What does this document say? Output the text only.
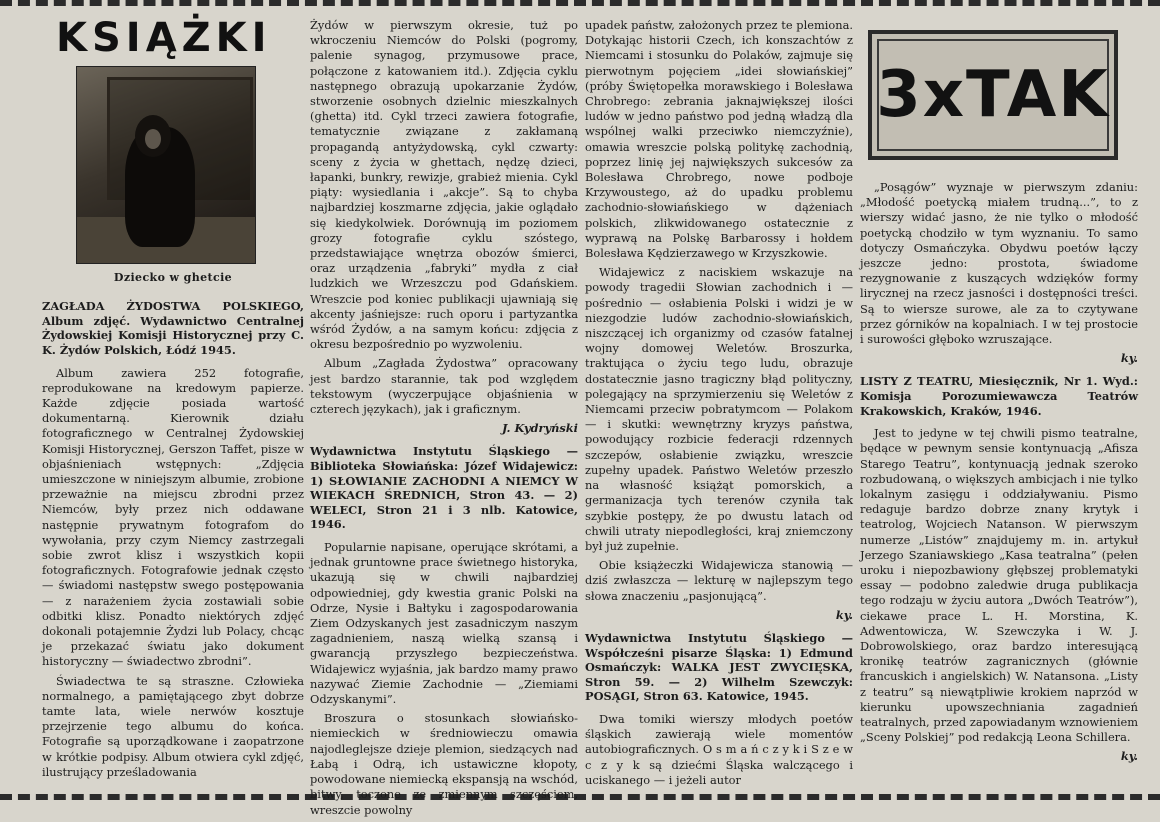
KSIĄŻKI
Dziecko w ghetcie
ZAGŁADA ŻYDOSTWA POLSKIEGO, Album zdjęć. Wydawnictwo Centralnej Żydowskiej Komisji Historycznej przy C. K. Żydów Polskich, Łódź 1945.

Album zawiera 252 fotografie, reprodukowane na kredowym papierze. Każde zdjęcie posiada wartość dokumentarną. Kierownik działu fotograficznego w Centralnej Żydowskiej Komisji Historycznej, Gerszon Taffet, pisze w objaśnieniach wstępnych: „Zdjęcia umieszczone w niniejszym albumie, zrobione przeważnie na miejscu zbrodni przez Niemców, były przez nich oddawane następnie prywatnym fotografom do wywołania, przy czym Niemcy zastrzegali sobie zwrot klisz i wszystkich kopii fotograficznych. Fotografowie jednak często — świadomi następstw swego postępowania — z narażeniem życia zostawiali sobie odbitki klisz. Ponadto niektórych zdjęć dokonali potajemnie Żydzi lub Polacy, chcąc je przekazać światu jako dokument historyczny — świadectwo zbrodni”.

Świadectwa te są straszne. Człowieka normalnego, a pamiętającego zbyt dobrze tamte lata, wiele nerwów kosztuje przejrzenie tego albumu do końca. Fotografie są uporządkowane i zaopatrzone w krótkie podpisy. Album otwiera cykl zdjęć, ilustrujący prześladowania

Żydów w pierwszym okresie, tuż po wkroczeniu Niemców do Polski (pogromy, palenie synagog, przymusowe prace, połączone z katowaniem itd.). Zdjęcia cyklu następnego obrazują upokarzanie Żydów, stworzenie osobnych dzielnic mieszkalnych (ghetta) itd. Cykl trzeci zawiera fotografie, tematycznie związane z zakłamaną propagandą antyżydowską, cykl czwarty: sceny z życia w ghettach, nędzę dzieci, łapanki, bunkry, rewizje, grabież mienia. Cykl piąty: wysiedlania i „akcje”. Są to chyba najbardziej koszmarne zdjęcia, jakie oglądało się kiedykolwiek. Dorównują im poziomem grozy fotografie cyklu szóstego, przedstawiające wnętrza obozów śmierci, oraz urządzenia „fabryki” mydła z ciał ludzkich we Wrzeszczu pod Gdańskiem. Wreszcie pod koniec publikacji ujawniają się akcenty jaśniejsze: ruch oporu i partyzantka wśród Żydów, a na samym końcu: zdjęcia z okresu bezpośrednio po wyzwoleniu.

Album „Zagłada Żydostwa” opracowany jest bardzo starannie, tak pod względem tekstowym (wyczerpujące objaśnienia w czterech językach), jak i graficznym.

J. Kydryński
Wydawnictwa Instytutu Śląskiego — Biblioteka Słowiańska: Józef Widajewicz: 1) SŁOWIANIE ZACHODNI A NIEMCY W WIEKACH ŚREDNICH, Stron 43. — 2) WELECI, Stron 21 i 3 nlb. Katowice, 1946.

Popularnie napisane, operujące skrótami, a jednak gruntowne prace świetnego historyka, ukazują się w chwili najbardziej odpowiedniej, gdy kwestia granic Polski na Odrze, Nysie i Bałtyku i zagospodarowania Ziem Odzyskanych jest zasadniczym naszym zagadnieniem, naszą wielką szansą i gwarancją przyszłego bezpieczeństwa. Widajewicz wyjaśnia, jak bardzo mamy prawo nazywać Ziemie Zachodnie — „Ziemiami Odzyskanymi”.

Broszura o stosunkach słowiańsko-niemieckich w średniowieczu omawia najodleglejsze dzieje plemion, siedzących nad Łabą i Odrą, ich ustawiczne kłopoty, powodowane niemiecką ekspansją na wschód, bitwy, toczone ze zmiennym szczęściem, wreszcie powolny

upadek państw, założonych przez te plemiona. Dotykając historii Czech, ich konszachtów z Niemcami i stosunku do Polaków, zajmuje się pierwotnym pojęciem „idei słowiańskiej” (próby Świętopełka morawskiego i Bolesława Chrobrego: zebrania jaknajwiększej ilości ludów w jedno państwo pod jedną władzą dla wspólnej walki przeciwko niemczyźnie), omawia wreszcie polską politykę zachodnią, poprzez linię jej największych sukcesów za Bolesława Chrobrego, nowe podboje Krzywoustego, aż do upadku problemu zachodnio-słowiańskiego w dążeniach polskich, zlikwidowanego ostatecznie z wyprawą na Polskę Barbarossy i hołdem Bolesława Kędzierzawego w Krzyszkowie.

Widajewicz z naciskiem wskazuje na powody tragedii Słowian zachodnich i — pośrednio — osłabienia Polski i widzi je w niezgodzie ludów zachodnio-słowiańskich, niszczącej ich organizmy od czasów fatalnej wojny domowej Weletów. Broszurka, traktująca o życiu tego ludu, obrazuje dostatecznie jasno tragiczny błąd polityczny, polegający na sprzymierzeniu się Weletów z Niemcami przeciw pobratymcom — Polakom — i skutki: wewnętrzny kryzys państwa, powodujący rozbicie federacji rdzennych szczepów, osłabienie związku, wreszcie zupełny upadek. Państwo Weletów przeszło na własność książąt pomorskich, a germanizacja tych terenów czyniła tak szybkie postępy, że po dwustu latach od chwili utraty niepodległości, kraj zniemczony był już zupełnie.

Obie książeczki Widajewicza stanowią — dziś zwłaszcza — lekturę w najlepszym tego słowa znaczeniu „pasjonującą”.

ky.
Wydawnictwa Instytutu Śląskiego — Współcześni pisarze Śląska: 1) Edmund Osmańczyk: WALKA JEST ZWYCIĘSKA, Stron 59. — 2) Wilhelm Szewczyk: POSĄGI, Stron 63. Katowice, 1945.

Dwa tomiki wierszy młodych poetów śląskich zawierają wiele momentów autobiograficznych. O s m a ń c z y k i S z e w c z y k są dziećmi Śląska walczącego i uciskanego — i jeżeli autor

3xTAK

„Posągów” wyznaje w pierwszym zdaniu: „Młodość poetycką miałem trudną...”, to z wierszy widać jasno, że nie tylko o młodość poetycką chodziło w tym wyznaniu. To samo dotyczy Osmańczyka. Obydwu poetów łączy jeszcze jedno: prostota, świadome rezygnowanie z kuszących wdzięków formy lirycznej na rzecz jasności i dostępności treści. Są to wiersze surowe, ale za to czytywane przez górników na kopalniach. I w tej prostocie i surowości głęboko wzruszające.

ky.
LISTY Z TEATRU, Miesięcznik, Nr 1. Wyd.: Komisja Porozumiewawcza Teatrów Krakowskich, Kraków, 1946.

Jest to jedyne w tej chwili pismo teatralne, będące w pewnym sensie kontynuacją „Afisza Starego Teatru”, kontynuacją jednak szeroko rozbudowaną, o większych ambicjach i nie tylko lokalnym zasięgu i oddziaływaniu. Pismo redaguje bardzo dobrze znany krytyk i teatrolog, Wojciech Natanson. W pierwszym numerze „Listów” znajdujemy m. in. artykuł Jerzego Szaniawskiego „Kasa teatralna” (pełen uroku i niepozbawiony głębszej problematyki essay — podobno zaledwie druga publikacja tego rodzaju w życiu autora „Dwóch Teatrów”), ciekawe prace L. H. Morstina, K. Adwentowicza, W. Szewczyka i W. J. Dobrowolskiego, oraz bardzo interesującą kronikę teatrów zagranicznych (głównie francuskich i angielskich) W. Natansona. „Listy z teatru” są niewątpliwie krokiem naprzód w kierunku upowszechniania zagadnień teatralnych, przed zapowiadanym wznowieniem „Sceny Polskiej” pod redakcją Leona Schillera.

ky.
